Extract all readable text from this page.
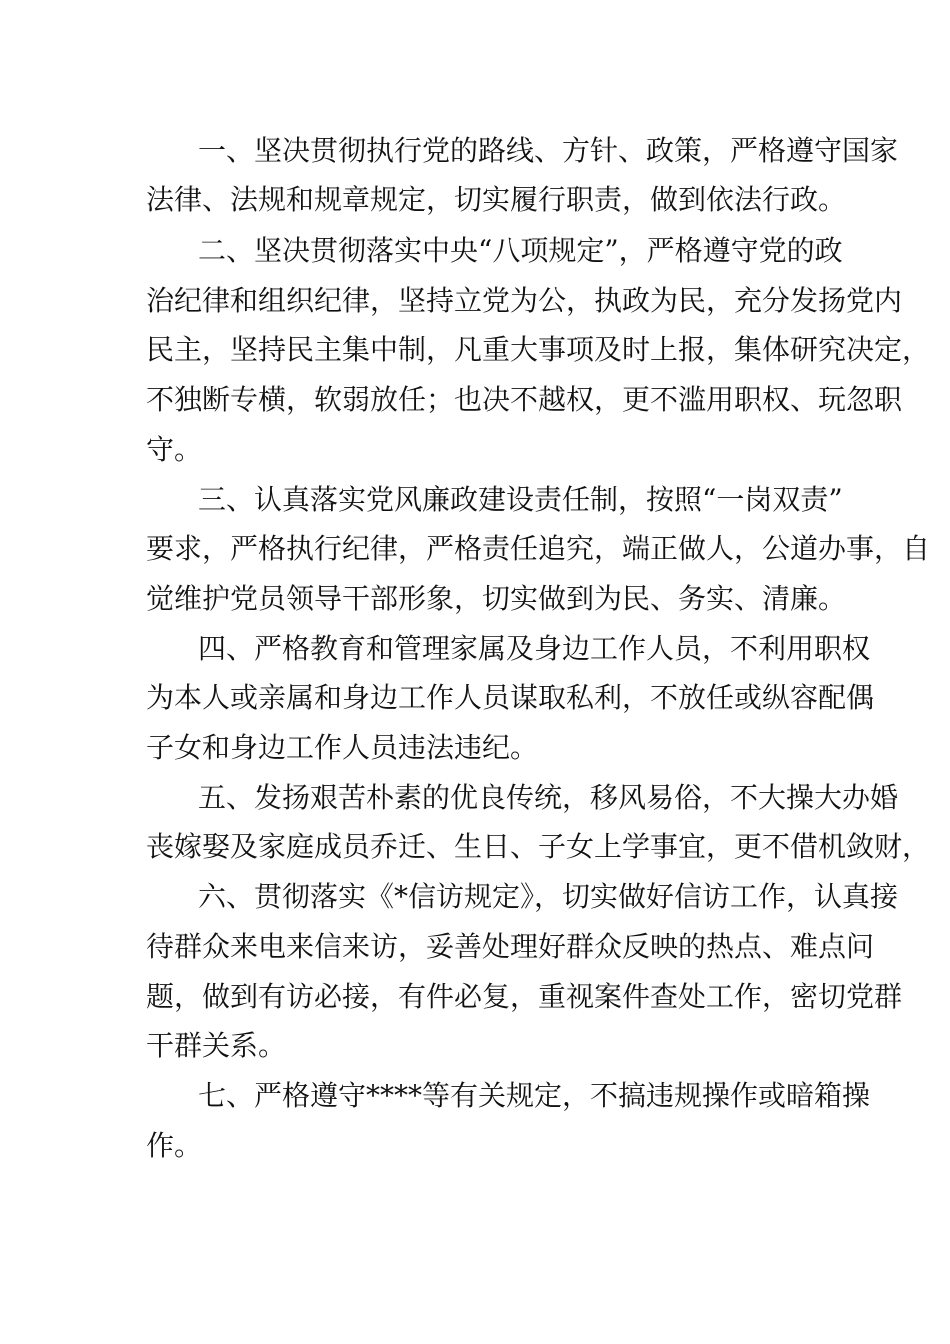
一、坚决贯彻执行党的路线、方针、政策，严格遵守国家
法律、法规和规章规定，切实履行职责，做到依法行政。
二、坚决贯彻落实中央“八项规定”，严格遵守党的政
治纪律和组织纪律，坚持立党为公，执政为民，充分发扬党内
民主，坚持民主集中制，凡重大事项及时上报，集体研究决定，
不独断专横，软弱放任；也决不越权，更不滥用职权、玩忽职
守。
三、认真落实党风廉政建设责任制，按照“一岗双责”
要求，严格执行纪律，严格责任追究，端正做人，公道办事，自
觉维护党员领导干部形象，切实做到为民、务实、清廉。
四、严格教育和管理家属及身边工作人员，不利用职权
为本人或亲属和身边工作人员谋取私利，不放任或纵容配偶
子女和身边工作人员违法违纪。
五、发扬艰苦朴素的优良传统，移风易俗，不大操大办婚
丧嫁娶及家庭成员乔迁、生日、子女上学事宜，更不借机敛财，
六、贯彻落实《*信访规定》，切实做好信访工作，认真接
待群众来电来信来访，妥善处理好群众反映的热点、难点问
题，做到有访必接，有件必复，重视案件查处工作，密切党群
干群关系。
七、严格遵守****等有关规定，不搞违规操作或暗箱操
作。
